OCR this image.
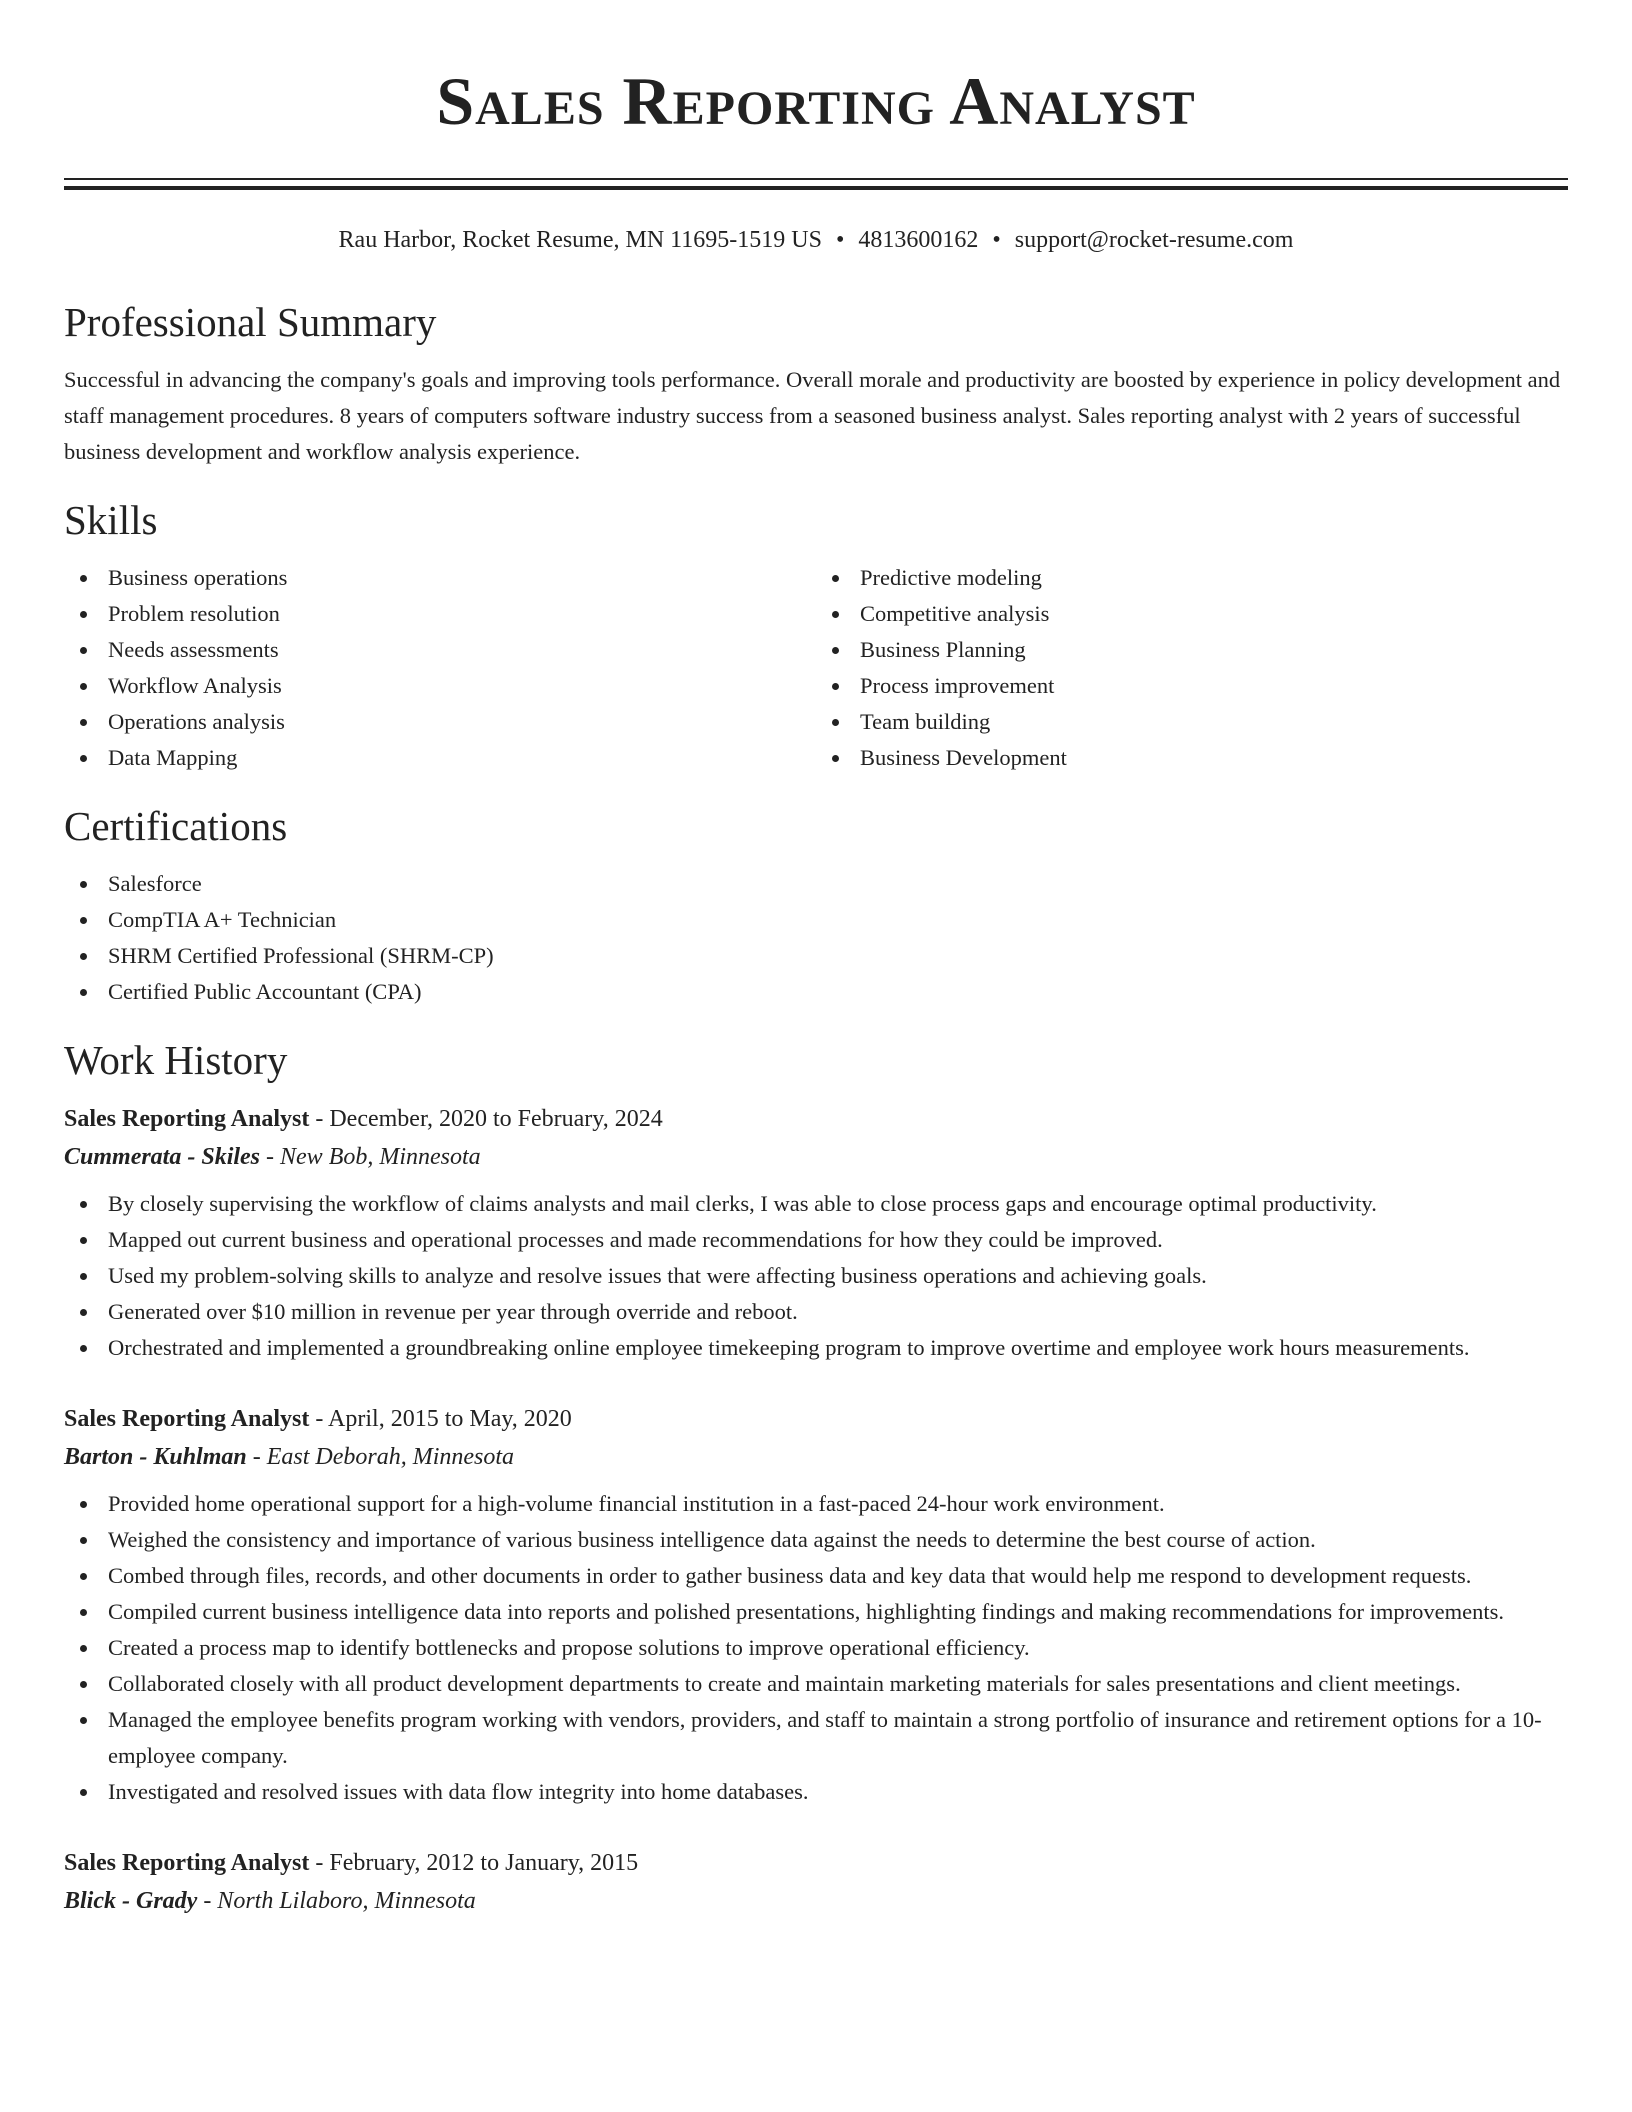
Sales Reporting Analyst
Rau Harbor, Rocket Resume, MN 11695-1519 US • 4813600162 • support@rocket-resume.com
Professional Summary

Successful in advancing the company's goals and improving tools performance. Overall morale and productivity are boosted by experience in policy development and staff management procedures. 8 years of computers software industry success from a seasoned business analyst. Sales reporting analyst with 2 years of successful business development and workflow analysis experience.

Skills
Business operations
Problem resolution
Needs assessments
Workflow Analysis
Operations analysis
Data Mapping
Predictive modeling
Competitive analysis
Business Planning
Process improvement
Team building
Business Development
Certifications
Salesforce
CompTIA A+ Technician
SHRM Certified Professional (SHRM-CP)
Certified Public Accountant (CPA)
Work History
Sales Reporting Analyst - December, 2020 to February, 2024
Cummerata - Skiles - New Bob, Minnesota
By closely supervising the workflow of claims analysts and mail clerks, I was able to close process gaps and encourage optimal productivity.
Mapped out current business and operational processes and made recommendations for how they could be improved.
Used my problem-solving skills to analyze and resolve issues that were affecting business operations and achieving goals.
Generated over $10 million in revenue per year through override and reboot.
Orchestrated and implemented a groundbreaking online employee timekeeping program to improve overtime and employee work hours measurements.
Sales Reporting Analyst - April, 2015 to May, 2020
Barton - Kuhlman - East Deborah, Minnesota
Provided home operational support for a high-volume financial institution in a fast-paced 24-hour work environment.
Weighed the consistency and importance of various business intelligence data against the needs to determine the best course of action.
Combed through files, records, and other documents in order to gather business data and key data that would help me respond to development requests.
Compiled current business intelligence data into reports and polished presentations, highlighting findings and making recommendations for improvements.
Created a process map to identify bottlenecks and propose solutions to improve operational efficiency.
Collaborated closely with all product development departments to create and maintain marketing materials for sales presentations and client meetings.
Managed the employee benefits program working with vendors, providers, and staff to maintain a strong portfolio of insurance and retirement options for a 10-employee company.
Investigated and resolved issues with data flow integrity into home databases.
Sales Reporting Analyst - February, 2012 to January, 2015
Blick - Grady - North Lilaboro, Minnesota
